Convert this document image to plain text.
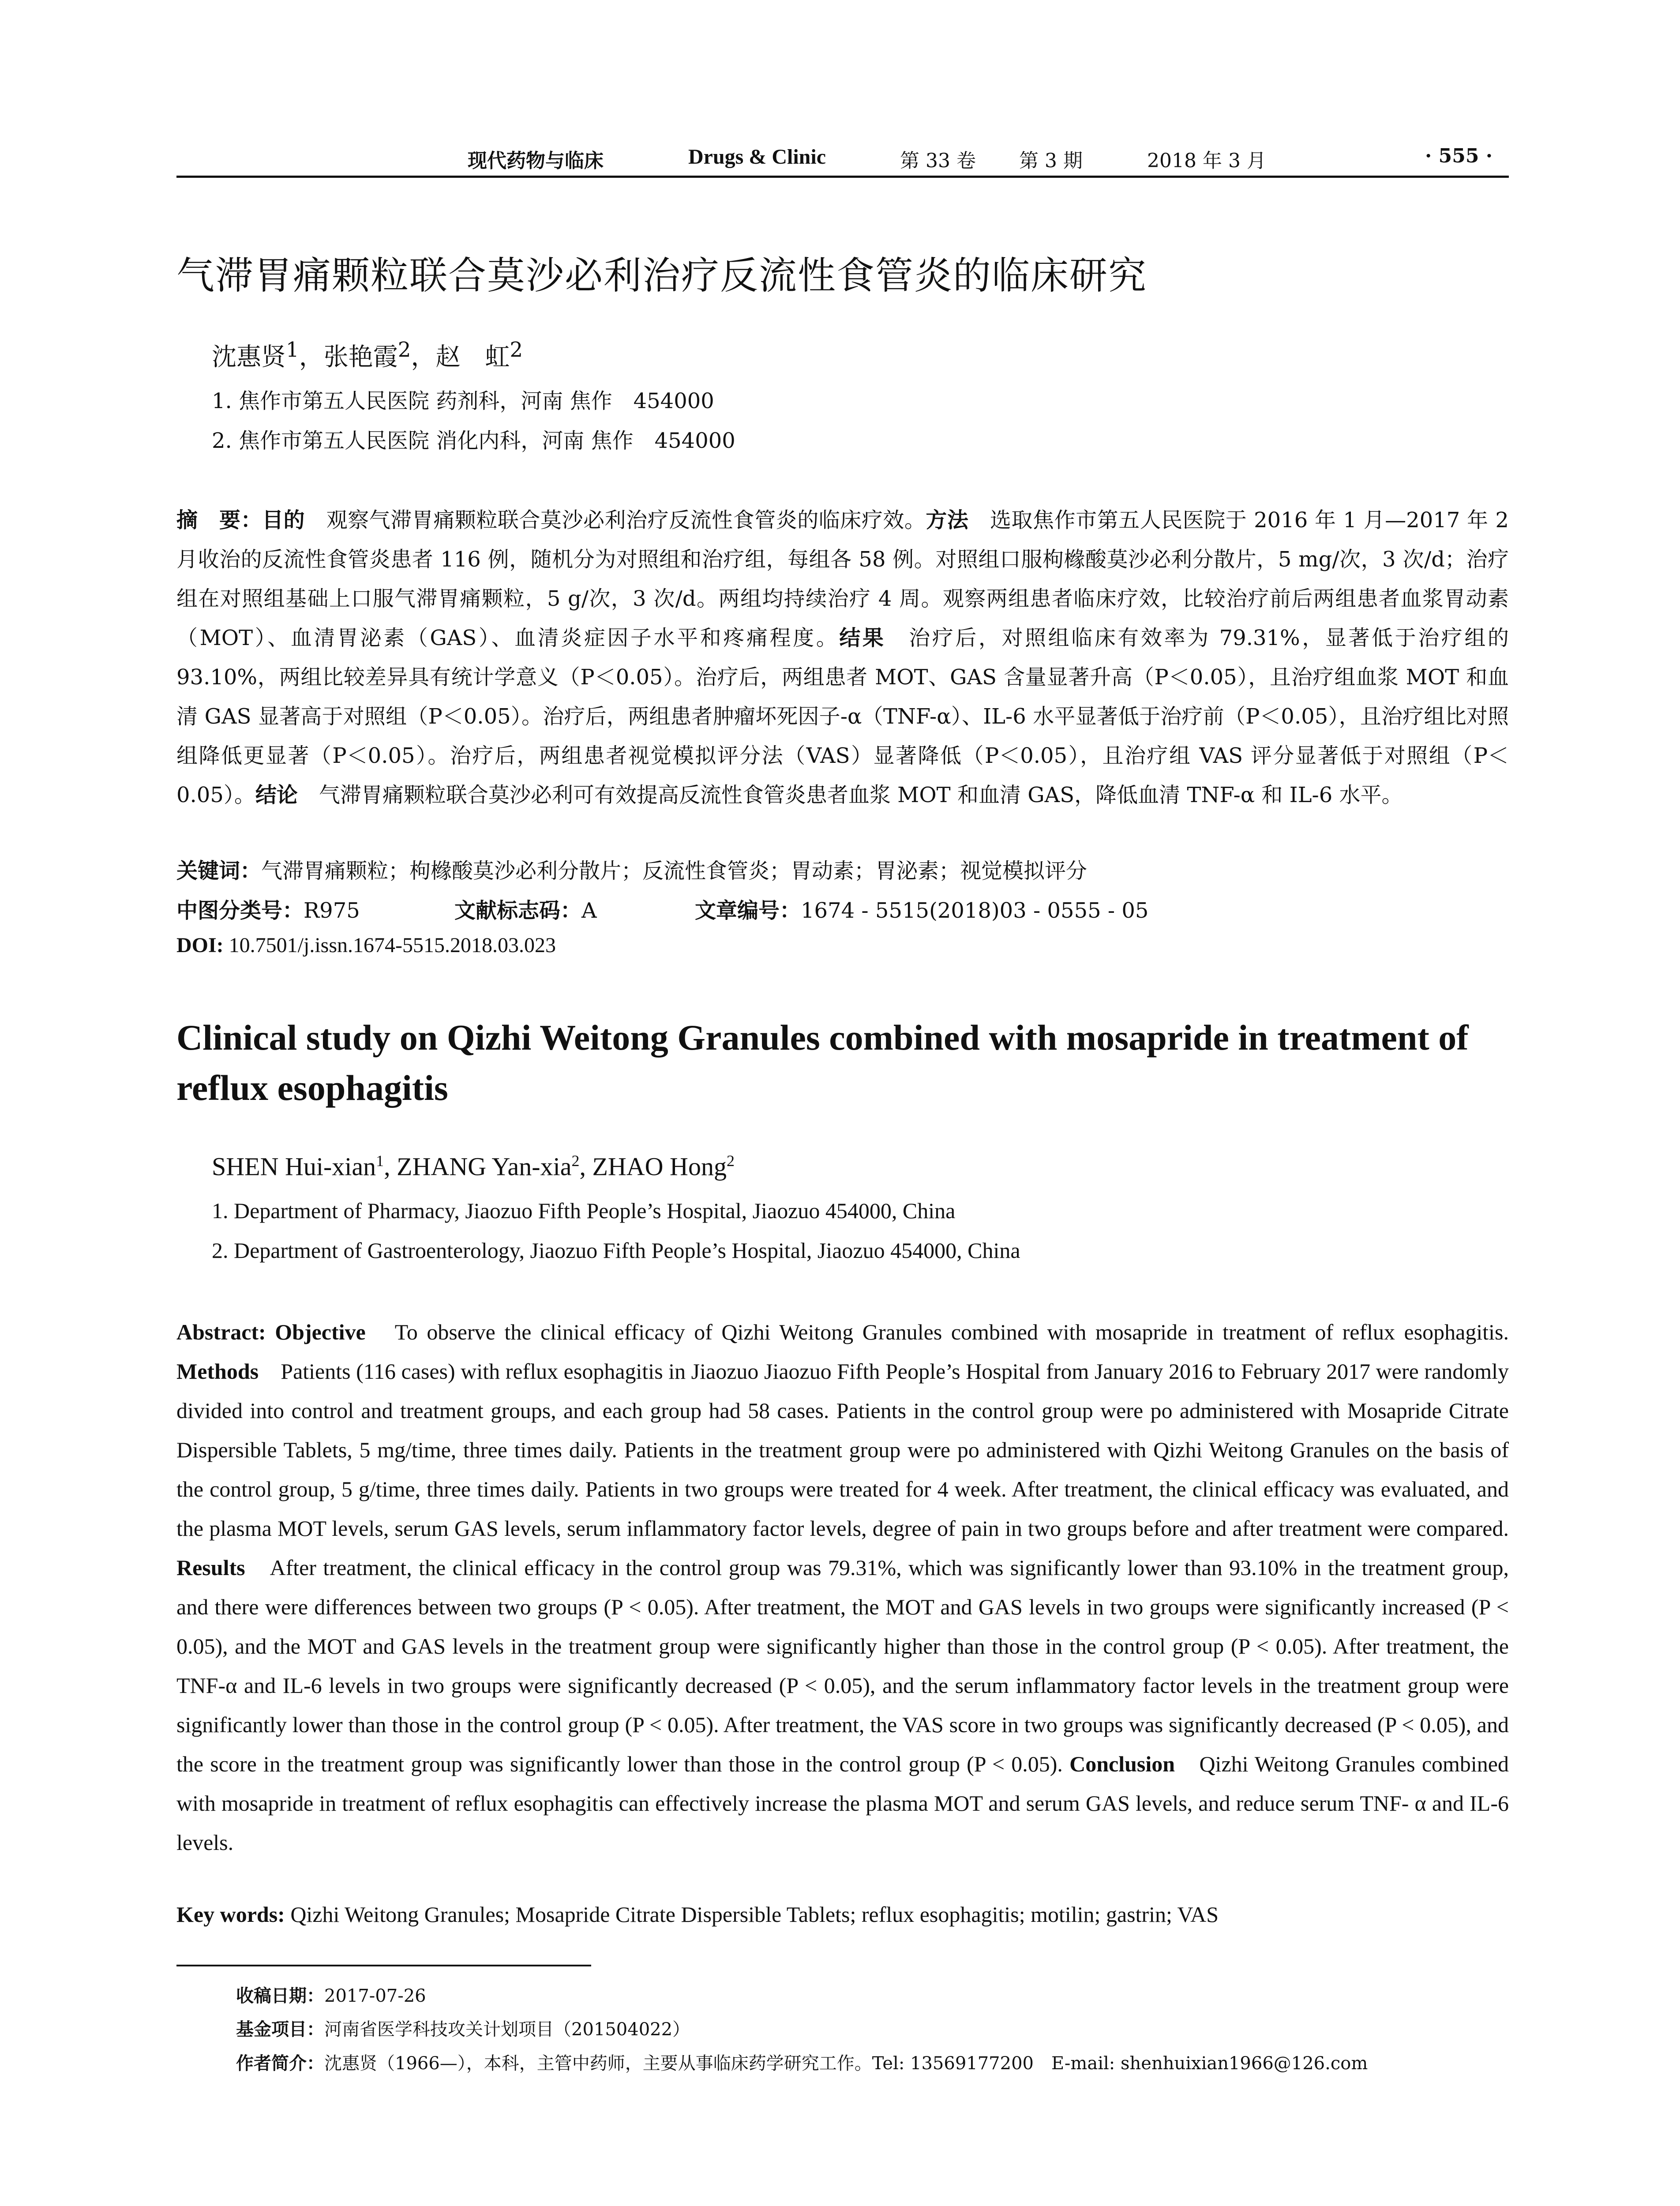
现代药物与临床	Drugs & Clinic	第 33 卷 第 3 期	2018 年 3 月	· 555 ·
气滞胃痛颗粒联合莫沙必利治疗反流性食管炎的临床研究
沈惠贤$^1$，张艳霞$^2$，赵　虹$^2$
1. 焦作市第五人民医院 药剂科，河南 焦作　454000
2. 焦作市第五人民医院 消化内科，河南 焦作　454000
摘　要：目的　观察气滞胃痛颗粒联合莫沙必利治疗反流性食管炎的临床疗效。方法　选取焦作市第五人民医院于 2016 年 1 月—2017 年 2 月收治的反流性食管炎患者 116 例，随机分为对照组和治疗组，每组各 58 例。对照组口服枸橼酸莫沙必利分散片，5 mg/次，3 次/d；治疗组在对照组基础上口服气滞胃痛颗粒，5 g/次，3 次/d。两组均持续治疗 4 周。观察两组患者临床疗效，比较治疗前后两组患者血浆胃动素（MOT）、血清胃泌素（GAS）、血清炎症因子水平和疼痛程度。结果　治疗后，对照组临床有效率为 79.31%，显著低于治疗组的 93.10%，两组比较差异具有统计学意义（P＜0.05）。治疗后，两组患者 MOT、GAS 含量显著升高（P＜0.05），且治疗组血浆 MOT 和血清 GAS 显著高于对照组（P＜0.05）。治疗后，两组患者肿瘤坏死因子-α（TNF-α）、IL-6 水平显著低于治疗前（P＜0.05），且治疗组比对照组降低更显著（P＜0.05）。治疗后，两组患者视觉模拟评分法（VAS）显著降低（P＜0.05），且治疗组 VAS 评分显著低于对照组（P＜0.05）。结论　气滞胃痛颗粒联合莫沙必利可有效提高反流性食管炎患者血浆 MOT 和血清 GAS，降低血清 TNF-α 和 IL-6 水平。
关键词：气滞胃痛颗粒；枸橼酸莫沙必利分散片；反流性食管炎；胃动素；胃泌素；视觉模拟评分
中图分类号：R975	文献标志码：A	文章编号：1674 - 5515(2018)03 - 0555 - 05
DOI: 10.7501/j.issn.1674-5515.2018.03.023
Clinical study on Qizhi Weitong Granules combined with mosapride in treatment of reflux esophagitis
SHEN Hui-xian$^1$, ZHANG Yan-xia$^2$, ZHAO Hong$^2$
1. Department of Pharmacy, Jiaozuo Fifth People’s Hospital, Jiaozuo 454000, China
2. Department of Gastroenterology, Jiaozuo Fifth People’s Hospital, Jiaozuo 454000, China
Abstract: Objective　To observe the clinical efficacy of Qizhi Weitong Granules combined with mosapride in treatment of reflux esophagitis. Methods　Patients (116 cases) with reflux esophagitis in Jiaozuo Jiaozuo Fifth People’s Hospital from January 2016 to February 2017 were randomly divided into control and treatment groups, and each group had 58 cases. Patients in the control group were po administered with Mosapride Citrate Dispersible Tablets, 5 mg/time, three times daily. Patients in the treatment group were po administered with Qizhi Weitong Granules on the basis of the control group, 5 g/time, three times daily. Patients in two groups were treated for 4 week. After treatment, the clinical efficacy was evaluated, and the plasma MOT levels, serum GAS levels, serum inflammatory factor levels, degree of pain in two groups before and after treatment were compared. Results　After treatment, the clinical efficacy in the control group was 79.31%, which was significantly lower than 93.10% in the treatment group, and there were differences between two groups (P < 0.05). After treatment, the MOT and GAS levels in two groups were significantly increased (P < 0.05), and the MOT and GAS levels in the treatment group were significantly higher than those in the control group (P < 0.05). After treatment, the TNF-α and IL-6 levels in two groups were significantly decreased (P < 0.05), and the serum inflammatory factor levels in the treatment group were significantly lower than those in the control group (P < 0.05). After treatment, the VAS score in two groups was significantly decreased (P < 0.05), and the score in the treatment group was significantly lower than those in the control group (P < 0.05). Conclusion　Qizhi Weitong Granules combined with mosapride in treatment of reflux esophagitis can effectively increase the plasma MOT and serum GAS levels, and reduce serum TNF- α and IL-6 levels.
Key words: Qizhi Weitong Granules; Mosapride Citrate Dispersible Tablets; reflux esophagitis; motilin; gastrin; VAS
收稿日期：2017-07-26
基金项目：河南省医学科技攻关计划项目（201504022）
作者简介：沈惠贤（1966—），本科，主管中药师，主要从事临床药学研究工作。Tel: 13569177200　E-mail: shenhuixian1966@126.com
